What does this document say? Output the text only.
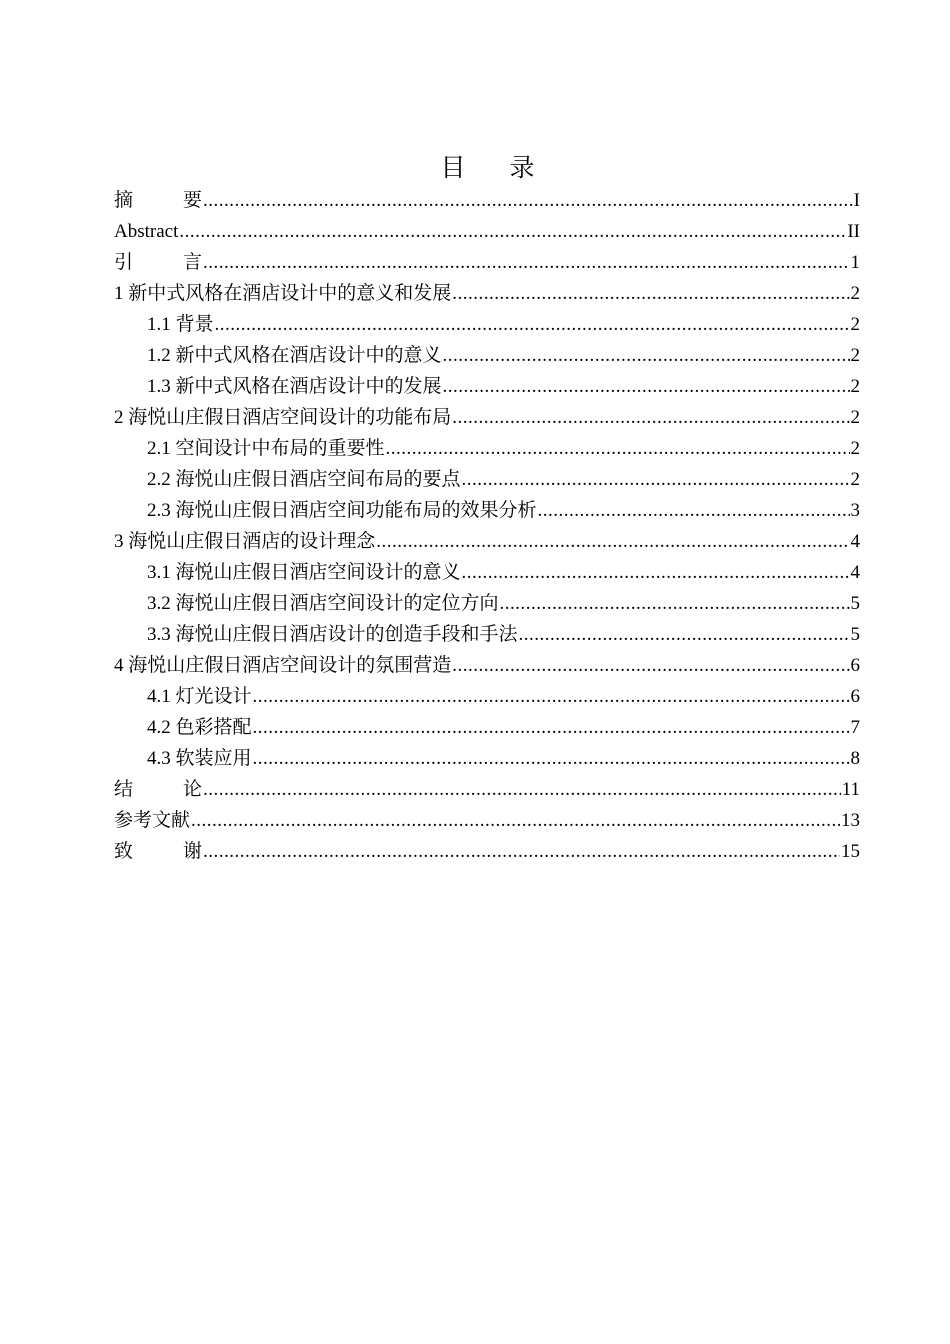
目 录
摘　要 .....	I
Abstract .....	II
引　言 .....	1
1 新中式风格在酒店设计中的意义和发展 .....	2
1.1 背景 .....	2
1.2 新中式风格在酒店设计中的意义 .....	2
1.3 新中式风格在酒店设计中的发展 .....	2
2 海悦山庄假日酒店空间设计的功能布局 .....	2
2.1 空间设计中布局的重要性 .....	2
2.2 海悦山庄假日酒店空间布局的要点 .....	2
2.3 海悦山庄假日酒店空间功能布局的效果分析 .....	3
3 海悦山庄假日酒店的设计理念 .....	4
3.1 海悦山庄假日酒店空间设计的意义 .....	4
3.2 海悦山庄假日酒店空间设计的定位方向 .....	5
3.3 海悦山庄假日酒店设计的创造手段和手法 .....	5
4 海悦山庄假日酒店空间设计的氛围营造 .....	6
4.1 灯光设计 .....	6
4.2 色彩搭配 .....	7
4.3 软装应用 .....	8
结　论 .....	11
参考文献 .....	13
致　谢 .....	15
